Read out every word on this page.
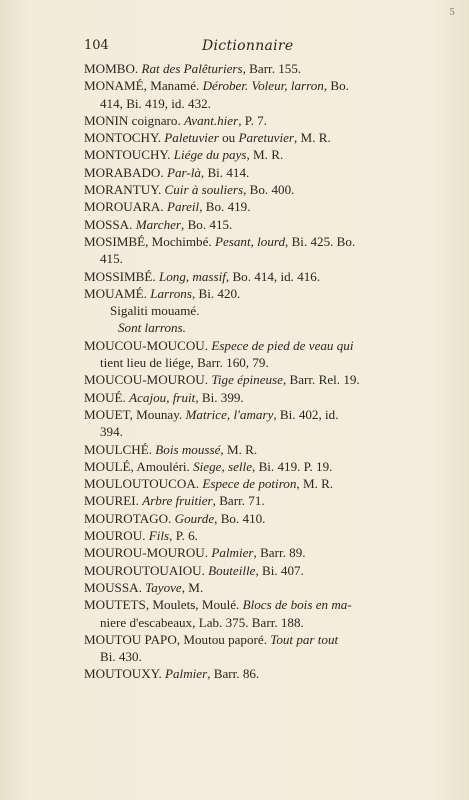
104	Dictionnaire
5
MOMBO. Rat des Palêturiers, Barr. 155.
MONAMÉ, Manamé. Dérober. Voleur, larron, Bo.
414, Bi. 419, id. 432.
MONIN coignaro. Avant.hier, P. 7.
MONTOCHY. Paletuvier ou Paretuvier, M. R.
MONTOUCHY. Liége du pays, M. R.
MORABADO. Par-là, Bi. 414.
MORANTUY. Cuir à souliers, Bo. 400.
MOROUARA. Pareil, Bo. 419.
MOSSA. Marcher, Bo. 415.
MOSIMBÉ, Mochimbé. Pesant, lourd, Bi. 425. Bo.
415.
MOSSIMBÉ. Long, massif, Bo. 414, id. 416.
MOUAMÉ. Larrons, Bi. 420.
Sigaliti mouamé.
Sont larrons.
MOUCOU-MOUCOU. Espece de pied de veau qui
tient lieu de liége, Barr. 160, 79.
MOUCOU-MOUROU. Tige épineuse, Barr. Rel. 19.
MOUÉ. Acajou, fruit, Bi. 399.
MOUET, Mounay. Matrice, l'amary, Bi. 402, id.
394.
MOULCHÉ. Bois moussé, M. R.
MOULÉ, Amouléri. Siege, selle, Bi. 419. P. 19.
MOULOUTOUCOA. Espece de potiron, M. R.
MOUREI. Arbre fruitier, Barr. 71.
MOUROTAGO. Gourde, Bo. 410.
MOUROU. Fils, P. 6.
MOUROU-MOUROU. Palmier, Barr. 89.
MOUROUTOUAIOU. Bouteille, Bi. 407.
MOUSSA. Tayove, M.
MOUTETS, Moulets, Moulé. Blocs de bois en ma-
niere d'escabeaux, Lab. 375. Barr. 188.
MOUTOU PAPO, Moutou paporé. Tout par tout
Bi. 430.
MOUTOUXY. Palmier, Barr. 86.
